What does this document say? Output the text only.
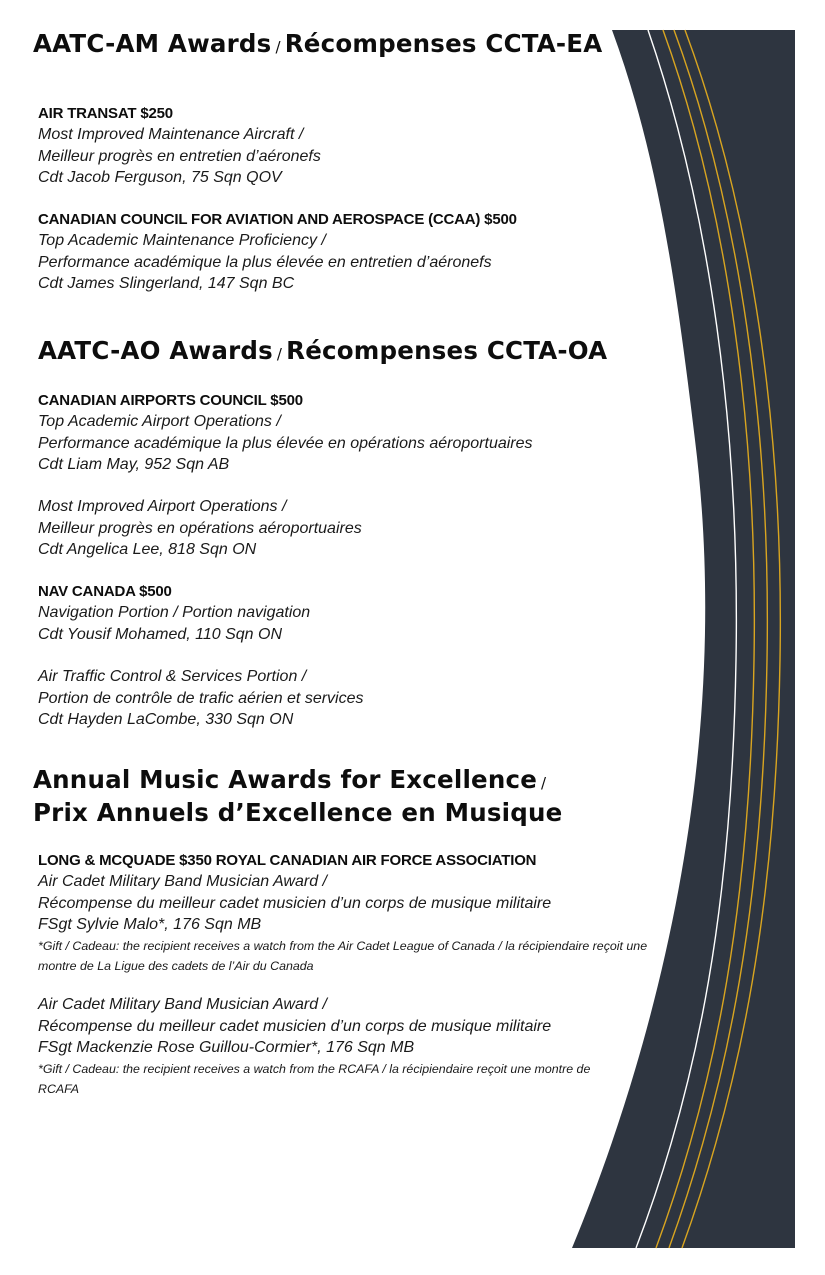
AATC-AM Awards / Récompenses CCTA-EA
AIR TRANSAT $250
Most Improved Maintenance Aircraft /
Meilleur progrès en entretien d’aéronefs
Cdt Jacob Ferguson, 75 Sqn QOV
CANADIAN COUNCIL FOR AVIATION AND AEROSPACE (CCAA) $500
Top Academic Maintenance Proficiency /
Performance académique la plus élevée en entretien d’aéronefs
Cdt James Slingerland, 147 Sqn BC
AATC-AO Awards / Récompenses CCTA-OA
CANADIAN AIRPORTS COUNCIL $500
Top Academic Airport Operations /
Performance académique la plus élevée en opérations aéroportuaires
Cdt Liam May, 952 Sqn AB
Most Improved Airport Operations /
Meilleur progrès en opérations aéroportuaires
Cdt Angelica Lee, 818 Sqn ON
NAV CANADA $500
Navigation Portion / Portion navigation
Cdt Yousif Mohamed, 110 Sqn ON
Air Traffic Control & Services Portion /
Portion de contrôle de trafic aérien et services
Cdt Hayden LaCombe, 330 Sqn ON
Annual Music Awards for Excellence /
Prix Annuels d’Excellence en Musique
LONG & MCQUADE $350 ROYAL CANADIAN AIR FORCE ASSOCIATION
Air Cadet Military Band Musician Award /
Récompense du meilleur cadet musicien d’un corps de musique militaire
FSgt Sylvie Malo*, 176 Sqn MB
*Gift / Cadeau: the recipient receives a watch from the Air Cadet League of Canada / la récipiendaire reçoit une montre de La Ligue des cadets de l’Air du Canada
Air Cadet Military Band Musician Award /
Récompense du meilleur cadet musicien d’un corps de musique militaire
FSgt Mackenzie Rose Guillou-Cormier*, 176 Sqn MB
*Gift / Cadeau: the recipient receives a watch from the RCAFA / la récipiendaire reçoit une montre de RCAFA
